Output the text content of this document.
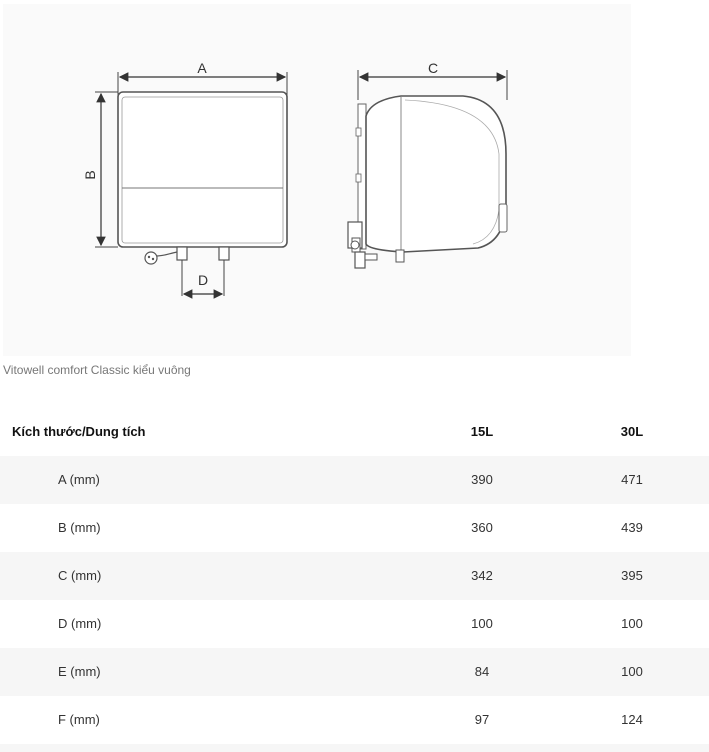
A
B
D
C
Vitowell comfort Classic kiểu vuông
Kích thước/Dung tích	15L	30L
A (mm)	390	471
B (mm)	360	439
C (mm)	342	395
D (mm)	100	100
E (mm)	84	100
F (mm)	97	124
